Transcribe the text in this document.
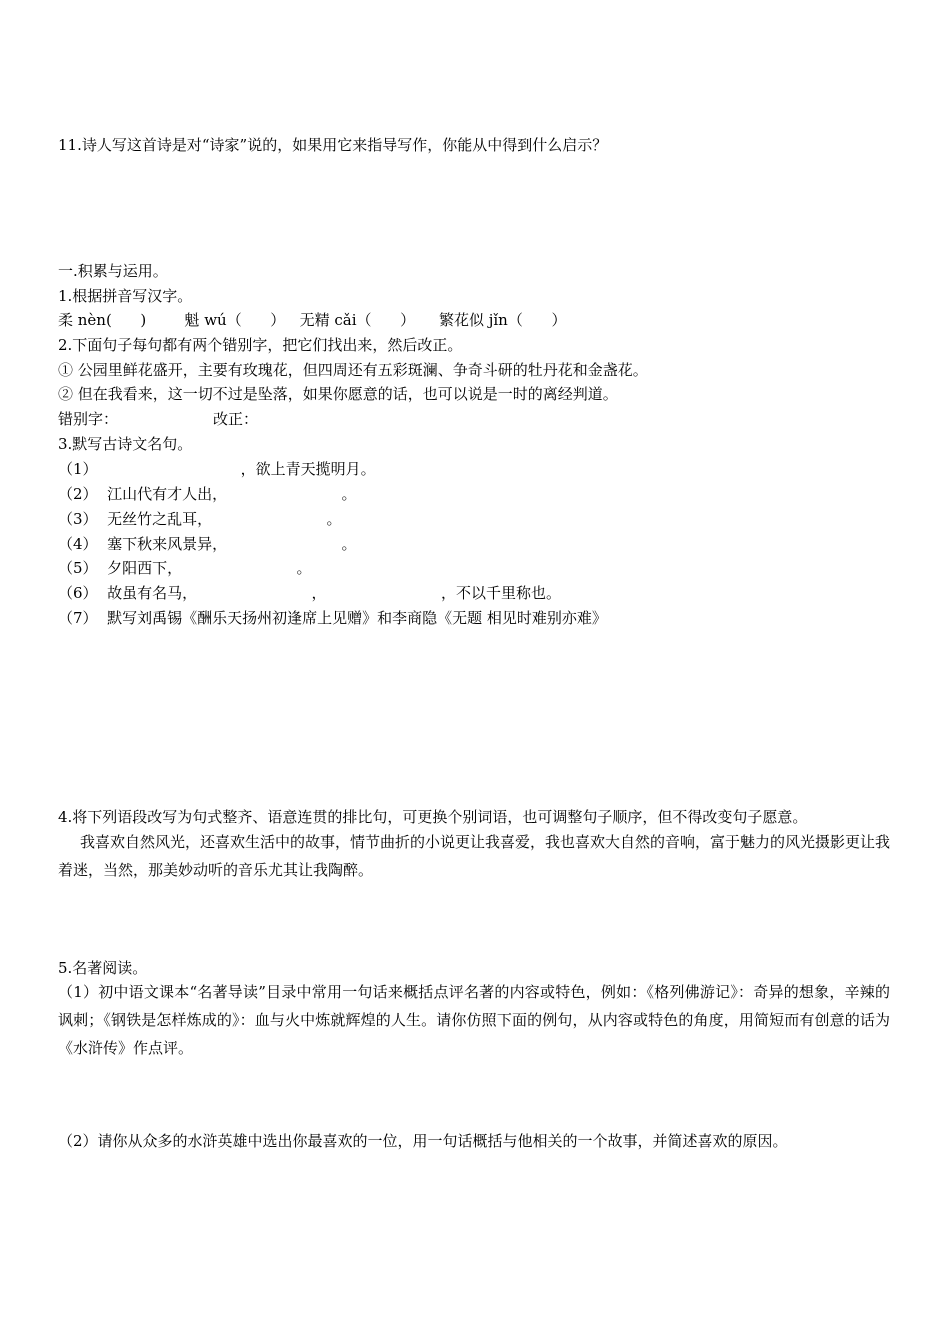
11.诗人写这首诗是对“诗家”说的，如果用它来指导写作，你能从中得到什么启示？
一.积累与运用。
1.根据拼音写汉字。
柔 nèn(      )        魁 wú（      ）   无精 cǎi（      ）     繁花似 jǐn（      ）
2.下面句子每句都有两个错别字，把它们找出来，然后改正。
① 公园里鲜花盛开，主要有玫瑰花，但四周还有五彩斑澜、争奇斗研的牡丹花和金盏花。
② 但在我看来，这一切不过是坠落，如果你愿意的话，也可以说是一时的离经判道。
错别字：	改正：
3.默写古诗文名句。
（1）                              ，欲上青天揽明月。
（2）  江山代有才人出，                        。
（3）  无丝竹之乱耳，                        。
（4）  塞下秋来风景异，                        。
（5）  夕阳西下，                        。
（6）  故虽有名马，                        ，                        ，不以千里称也。
（7）  默写刘禹锡《酬乐天扬州初逢席上见赠》和李商隐《无题 相见时难别亦难》
4.将下列语段改写为句式整齐、语意连贯的排比句，可更换个别词语，也可调整句子顺序，但不得改变句子愿意。
我喜欢自然风光，还喜欢生活中的故事，情节曲折的小说更让我喜爱，我也喜欢大自然的音响，富于魅力的风光摄影更让我着迷，当然，那美妙动听的音乐尤其让我陶醉。
5.名著阅读。
（1）初中语文课本“名著导读”目录中常用一句话来概括点评名著的内容或特色，例如：《格列佛游记》：奇异的想象，辛辣的讽刺；《钢铁是怎样炼成的》：血与火中炼就辉煌的人生。请你仿照下面的例句，从内容或特色的角度，用简短而有创意的话为《水浒传》作点评。
（2）请你从众多的水浒英雄中选出你最喜欢的一位，用一句话概括与他相关的一个故事，并简述喜欢的原因。
